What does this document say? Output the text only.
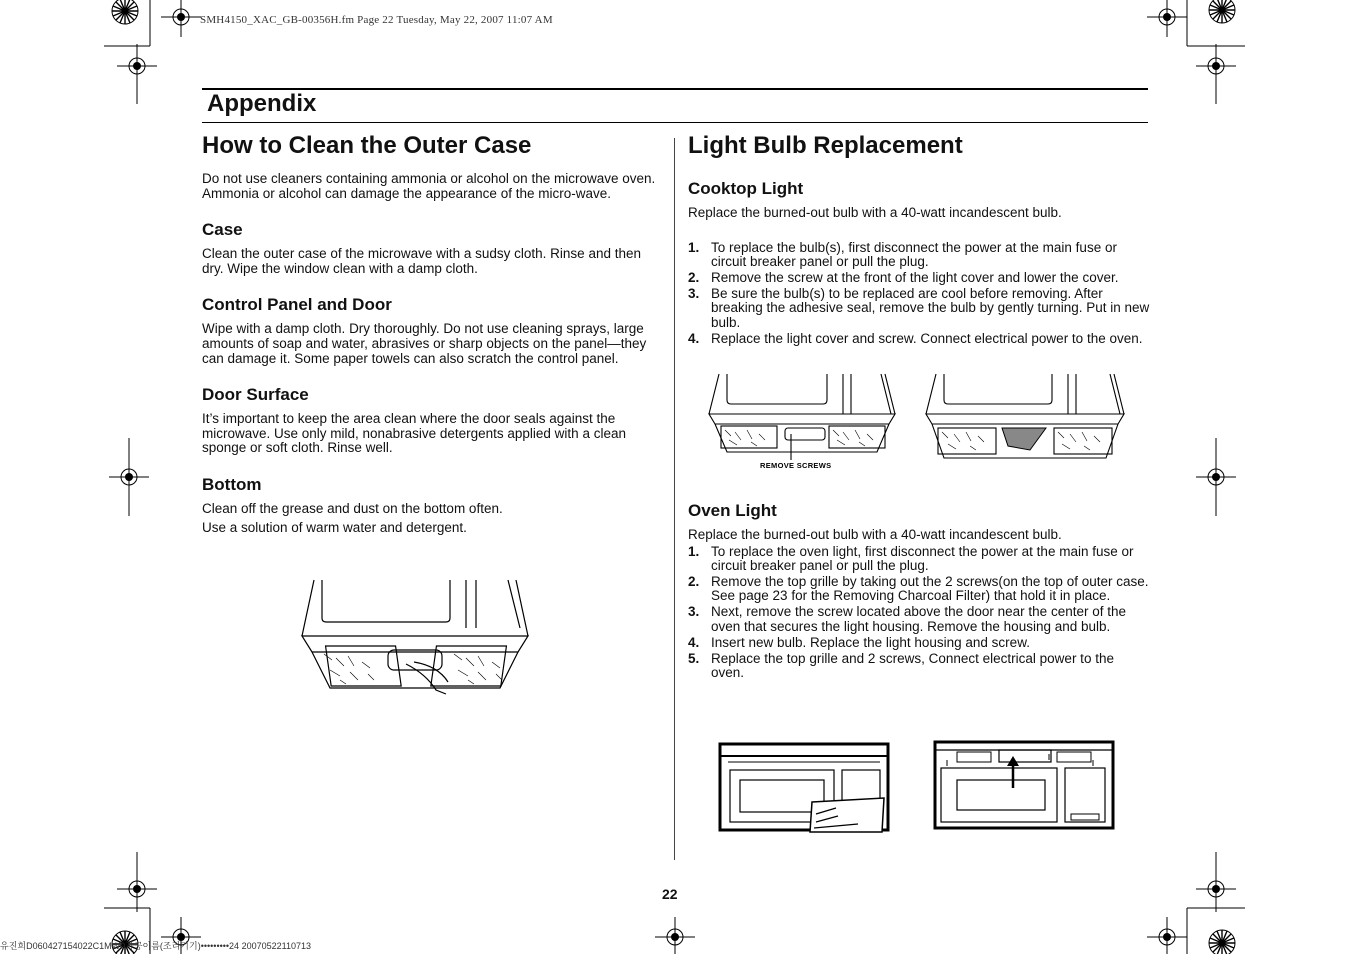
SMH4150_XAC_GB-00356H.fm Page 22 Tuesday, May 22, 2007 11:07 AM
유진희D060427154022C1MW0가공이름(조리기기)•••••••••24 20070522110713
Appendix
How to Clean the Outer Case

Do not use cleaners containing ammonia or alcohol on the microwave oven. Ammonia or alcohol can damage the appearance of the micro-wave.

Case

Clean the outer case of the microwave with a sudsy cloth. Rinse and then dry. Wipe the window clean with a damp cloth.

Control Panel and Door

Wipe with a damp cloth. Dry thoroughly. Do not use cleaning sprays, large amounts of soap and water, abrasives or sharp objects on the panel—they can damage it. Some paper towels can also scratch the control panel.

Door Surface

It’s important to keep the area clean where the door seals against the microwave. Use only mild, nonabrasive detergents applied with a clean sponge or soft cloth. Rinse well.

Bottom

Clean off the grease and dust on the bottom often.

Use a solution of warm water and detergent.

Light Bulb Replacement
Cooktop Light

Replace the burned-out bulb with a 40-watt incandescent bulb.

1. To replace the bulb(s), first disconnect the power at the main fuse or circuit breaker panel or pull the plug.
2. Remove the screw at the front of the light cover and lower the cover.
3. Be sure the bulb(s) to be replaced are cool before removing. After breaking the adhesive seal, remove the bulb by gently turning. Put in new bulb.
4. Replace the light cover and screw. Connect electrical power to the oven.
REMOVE SCREWS
Oven Light

Replace the burned-out bulb with a 40-watt incandescent bulb.

1. To replace the oven light, first disconnect the power at the main fuse or circuit breaker panel or pull the plug.
2. Remove the top grille by taking out the 2 screws(on the top of outer case. See page 23 for the Removing Charcoal Filter) that hold it in place.
3. Next, remove the screw located above the door near the center of the oven that secures the light housing. Remove the housing and bulb.
4. Insert new bulb. Replace the light housing and screw.
5. Replace the top grille and 2 screws, Connect electrical power to the oven.
22
